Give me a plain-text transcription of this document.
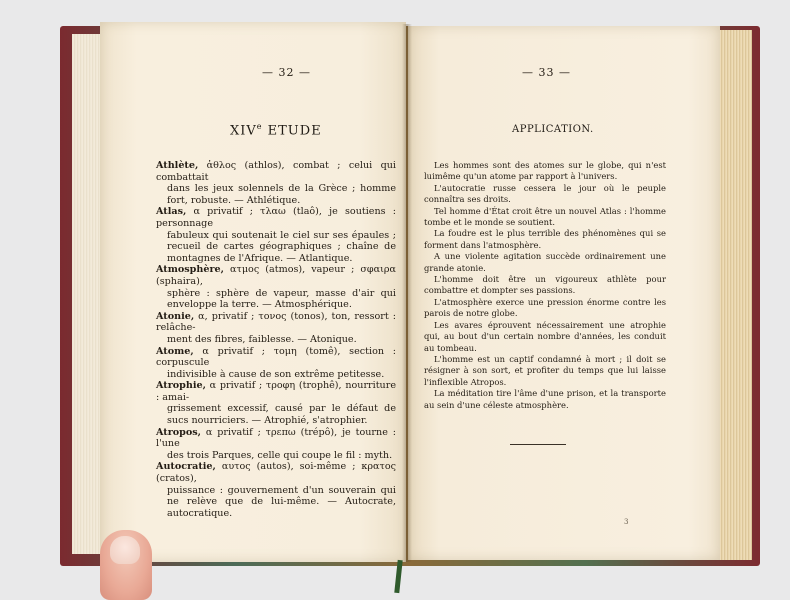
— 32 —	— 33 —
XIVe ETUDE	APPLICATION.
Athlète, ἀθλος (athlos), combat ; celui qui combattait
dans les jeux solennels de la Grèce ; homme fort, robuste. — Athlétique.
Atlas, α privatif ; τλαω (tlaô), je soutiens : personnage
fabuleux qui soutenait le ciel sur ses épaules ; recueil de cartes géographiques ; chaîne de montagnes de l'Afrique. — Atlantique.
Atmosphère, ατμος (atmos), vapeur ; σφαιρα (sphaira),
sphère : sphère de vapeur, masse d'air qui enveloppe la terre. — Atmosphérique.
Atonie, α, privatif ; τονος (tonos), ton, ressort : relâche-
ment des fibres, faiblesse. — Atonique.
Atome, α privatif ; τομη (tomê), section : corpuscule
indivisible à cause de son extrême petitesse.
Atrophie, α privatif ; τροφη (trophê), nourriture : amai-
grissement excessif, causé par le défaut de sucs nourriciers. — Atrophié, s'atrophier.
Atropos, α privatif ; τρεπω (trépô), je tourne : l'une
des trois Parques, celle qui coupe le fil : myth.
Autocratie, αυτος (autos), soi-même ; κρατος (cratos),
puissance : gouvernement d'un souverain qui ne relève que de lui-même. — Autocrate, autocratique.

Les hommes sont des atomes sur le globe, qui n'est luimême qu'un atome par rapport à l'univers.

L'autocratie russe cessera le jour où le peuple connaîtra ses droits.

Tel homme d'État croit être un nouvel Atlas : l'homme tombe et le monde se soutient.

La foudre est le plus terrible des phénomènes qui se forment dans l'atmosphère.

A une violente agitation succède ordinairement une grande atonie.

L'homme doit être un vigoureux athlète pour combattre et dompter ses passions.

L'atmosphère exerce une pression énorme contre les parois de notre globe.

Les avares éprouvent nécessairement une atrophie qui, au bout d'un certain nombre d'années, les conduit au tombeau.

L'homme est un captif condamné à mort ; il doit se résigner à son sort, et profiter du temps que lui laisse l'inflexible Atropos.

La méditation tire l'âme d'une prison, et la transporte au sein d'une céleste atmosphère.

3
